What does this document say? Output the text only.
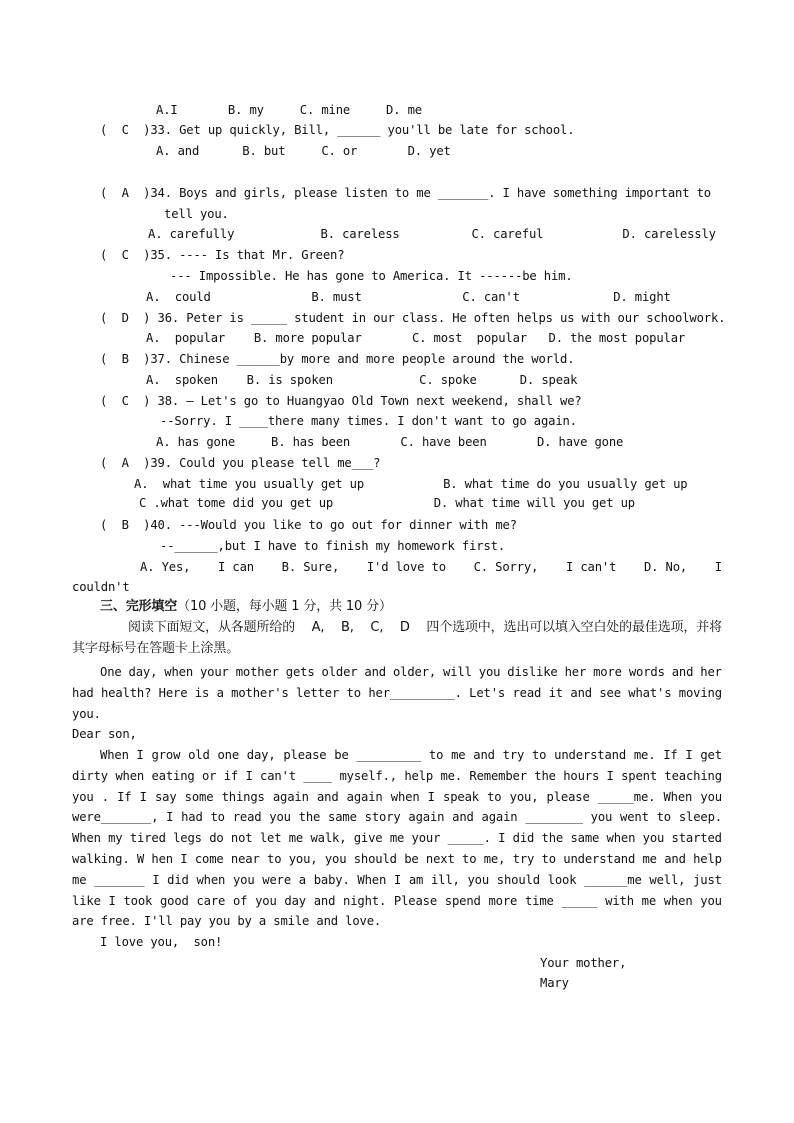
A.I       B. my     C. mine     D. me
(  C  )33. Get up quickly, Bill, ______ you'll be late for school.
A. and      B. but     C. or       D. yet
(  A  )34. Boys and girls, please listen to me _______. I have something important to
tell you.
A. carefully            B. careless          C. careful           D. carelessly
(  C  )35. ---- Is that Mr. Green?
--- Impossible. He has gone to America. It ------be him.
A.  could              B. must              C. can't             D. might
(  D  ) 36. Peter is _____ student in our class. He often helps us with our schoolwork.
A.  popular    B. more popular       C. most  popular   D. the most popular
(  B  )37. Chinese ______by more and more people around the world.
A.  spoken    B. is spoken            C. spoke      D. speak
(  C  ) 38. — Let's go to Huangyao Old Town next weekend, shall we?
--Sorry. I ____there many times. I don't want to go again.
A. has gone     B. has been       C. have been       D. have gone
(  A  )39. Could you please tell me___?
A.  what time you usually get up           B. what time do you usually get up
C .what tome did you get up              D. what time will you get up
(  B  )40. ---Would you like to go out for dinner with me?
--______,but I have to finish my homework first.
A. Yes, I can B. Sure, I'd love to C. Sorry, I can't D. No, I
couldn't
三、完形填空（10 小题，每小题 1 分，共 10 分）
阅读下面短文，从各题所给的 A, B, C, D 四个选项中，选出可以填入空白处的最佳选项，并将
其字母标号在答题卡上涂黑。
One day, when your mother gets older and older, will you dislike her more words and her
had health? Here is a mother's letter to her_________. Let's read it and see what's moving
you.
Dear son,
When I grow old one day, please be _________ to me and try to understand me. If I get
dirty when eating or if I can't ____ myself., help me. Remember the hours I spent teaching
you . If I say some things again and again when I speak to you, please _____me. When you
were_______, I had to read you the same story again and again ________ you went to sleep.
When my tired legs do not let me walk, give me your _____. I did the same when you started
walking. W hen I come near to you, you should be next to me, try to understand me and help
me _______ I did when you were a baby. When I am ill, you should look ______me well, just
like I took good care of you day and night. Please spend more time _____ with me when you
are free. I'll pay you by a smile and love.
I love you,  son!
Your mother,
Mary
